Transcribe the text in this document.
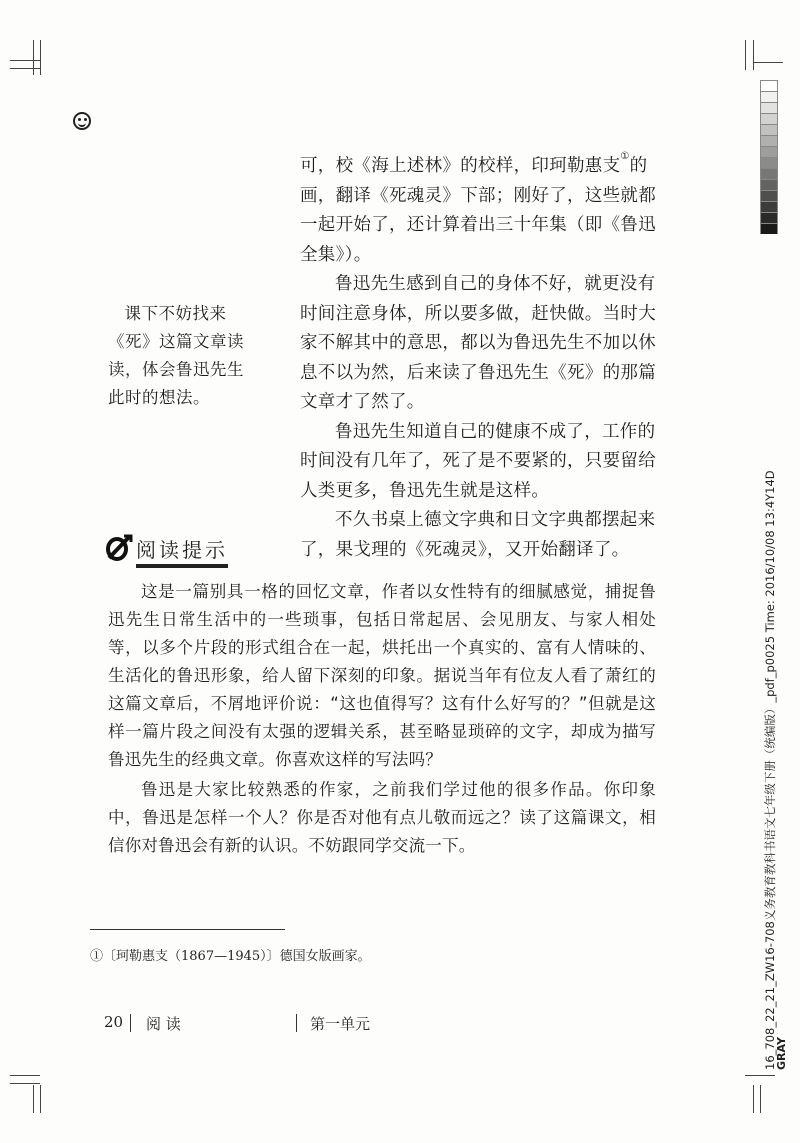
可，校《海上述林》的校样，印珂勒惠支①的画，翻译《死魂灵》下部；刚好了，这些就都一起开始了，还计算着出三十年集（即《鲁迅全集》）。

鲁迅先生感到自己的身体不好，就更没有时间注意身体，所以要多做，赶快做。当时大家不解其中的意思，都以为鲁迅先生不加以休息不以为然，后来读了鲁迅先生《死》的那篇文章才了然了。

鲁迅先生知道自己的健康不成了，工作的时间没有几年了，死了是不要紧的，只要留给人类更多，鲁迅先生就是这样。

不久书桌上德文字典和日文字典都摆起来了，果戈理的《死魂灵》，又开始翻译了。

课下不妨找来《死》这篇文章读读，体会鲁迅先生此时的想法。

阅读提示

这是一篇别具一格的回忆文章，作者以女性特有的细腻感觉，捕捉鲁迅先生日常生活中的一些琐事，包括日常起居、会见朋友、与家人相处等，以多个片段的形式组合在一起，烘托出一个真实的、富有人情味的、生活化的鲁迅形象，给人留下深刻的印象。据说当年有位友人看了萧红的这篇文章后，不屑地评价说：“这也值得写？这有什么好写的？”但就是这样一篇片段之间没有太强的逻辑关系，甚至略显琐碎的文字，却成为描写鲁迅先生的经典文章。你喜欢这样的写法吗？

鲁迅是大家比较熟悉的作家，之前我们学过他的很多作品。你印象中，鲁迅是怎样一个人？你是否对他有点儿敬而远之？读了这篇课文，相信你对鲁迅会有新的认识。不妨跟同学交流一下。

①〔珂勒惠支（1867—1945）〕德国女版画家。
20 阅 读	第一单元	16_708_22_21_ZW16-708义务教育教科书语文七年级下册（统编版）_pdf_p0025 Time: 2016/10/08 13:4Y14D
GRAY
